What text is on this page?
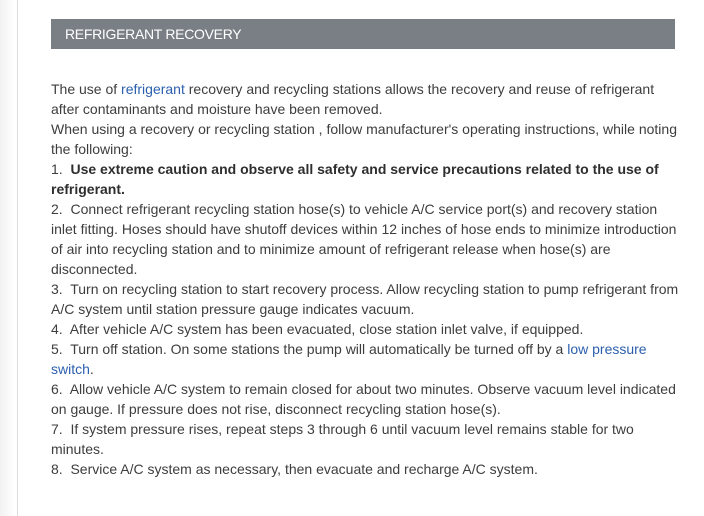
REFRIGERANT RECOVERY

The use of refrigerant recovery and recycling stations allows the recovery and reuse of refrigerant after contaminants and moisture have been removed.

When using a recovery or recycling station , follow manufacturer's operating instructions, while noting the following:

1. Use extreme caution and observe all safety and service precautions related to the use of refrigerant.

2. Connect refrigerant recycling station hose(s) to vehicle A/C service port(s) and recovery station inlet fitting. Hoses should have shutoff devices within 12 inches of hose ends to minimize introduction of air into recycling station and to minimize amount of refrigerant release when hose(s) are disconnected.

3. Turn on recycling station to start recovery process. Allow recycling station to pump refrigerant from A/C system until station pressure gauge indicates vacuum.

4. After vehicle A/C system has been evacuated, close station inlet valve, if equipped.

5. Turn off station. On some stations the pump will automatically be turned off by a low pressure switch.

6. Allow vehicle A/C system to remain closed for about two minutes. Observe vacuum level indicated on gauge. If pressure does not rise, disconnect recycling station hose(s).

7. If system pressure rises, repeat steps 3 through 6 until vacuum level remains stable for two minutes.

8. Service A/C system as necessary, then evacuate and recharge A/C system.
